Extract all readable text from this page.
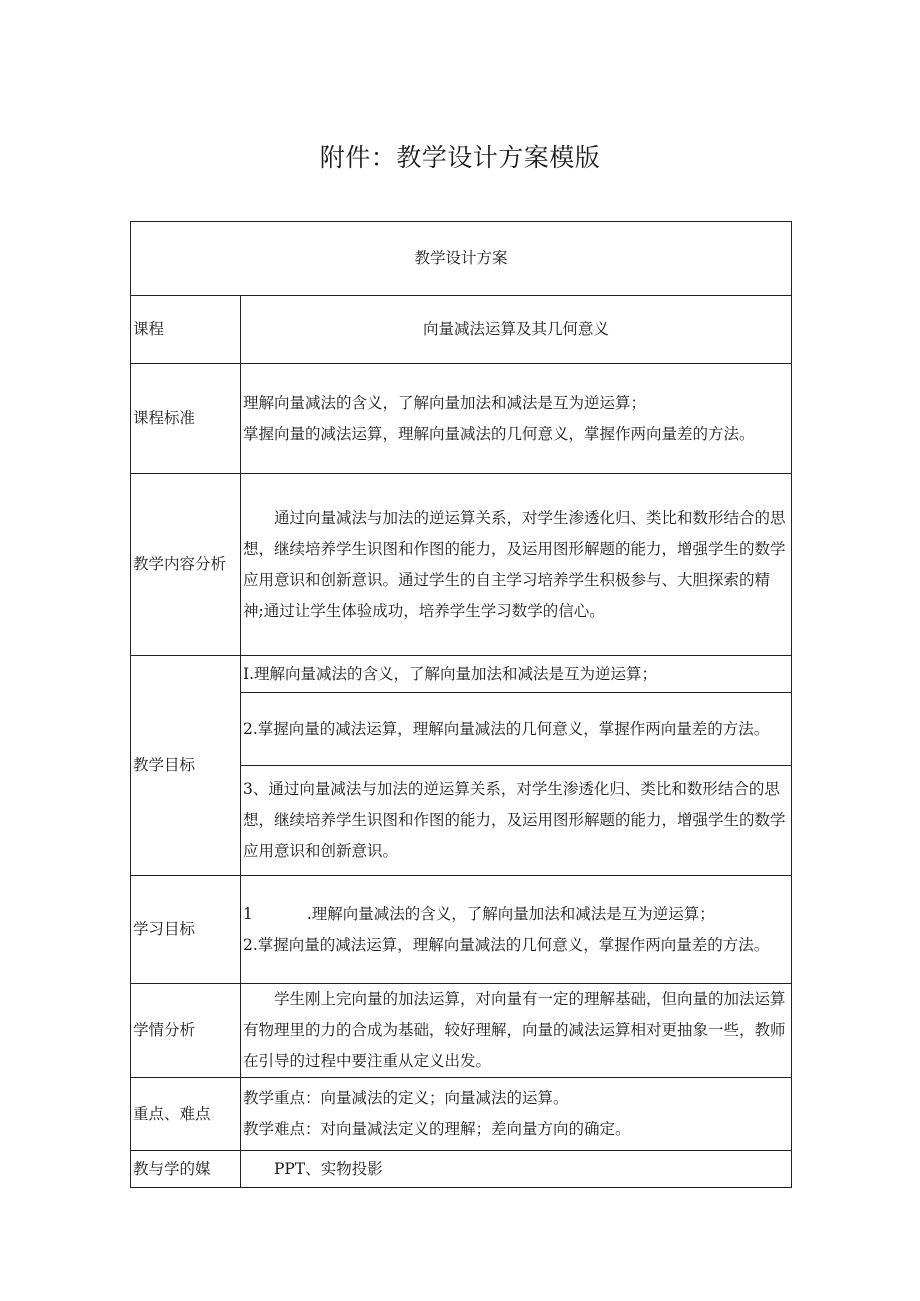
附件：教学设计方案模版
教学设计方案	
课程	向量减法运算及其几何意义
课程标准	理解向量减法的含义，了解向量加法和减法是互为逆运算；
掌握向量的减法运算，理解向量减法的几何意义，掌握作两向量差的方法。

教学内容分析	通过向量减法与加法的逆运算关系，对学生渗透化归、类比和数形结合的思想，继续培养学生识图和作图的能力，及运用图形解题的能力，增强学生的数学应用意识和创新意识。通过学生的自主学习培养学生积极参与、大胆探索的精神;通过让学生体验成功，培养学生学习数学的信心。
教学目标	I.理解向量减法的含义，了解向量加法和减法是互为逆运算；
	2.掌握向量的减法运算，理解向量减法的几何意义，掌握作两向量差的方法。
	3、通过向量减法与加法的逆运算关系，对学生渗透化归、类比和数形结合的思想，继续培养学生识图和作图的能力，及运用图形解题的能力，增强学生的数学应用意识和创新意识。
学习目标	1 .理解向量减法的含义，了解向量加法和减法是互为逆运算；
2.掌握向量的减法运算，理解向量减法的几何意义，掌握作两向量差的方法。

学情分析	学生刚上完向量的加法运算，对向量有一定的理解基础，但向量的加法运算有物理里的力的合成为基础，较好理解，向量的减法运算相对更抽象一些，教师在引导的过程中要注重从定义出发。
重点、难点	教学重点：向量减法的定义；向量减法的运算。
教学难点：对向量减法定义的理解；差向量方向的确定。

教与学的媒	PPT、实物投影
